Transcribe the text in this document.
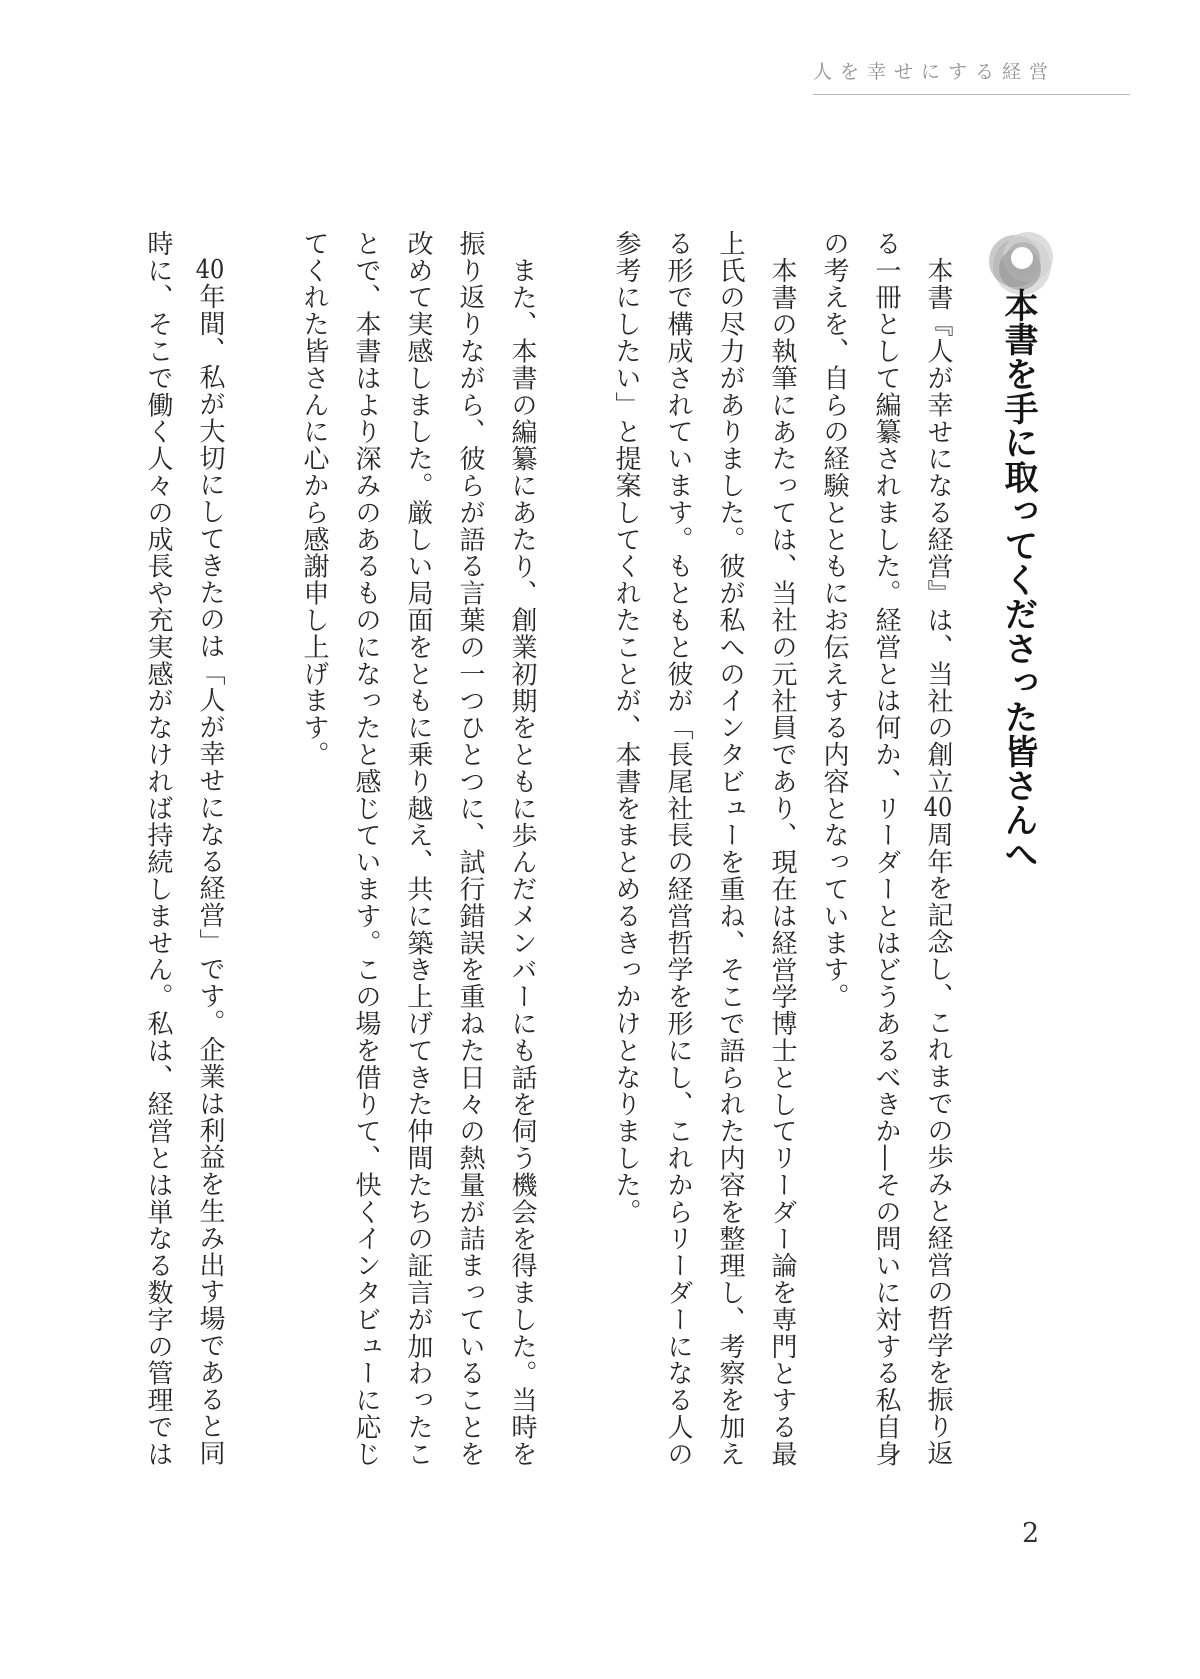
人を幸せにする経営
本書を手に取ってくださった皆さんへ
本書『人が幸せになる経営』は、当社の創立40周年を記念し、これまでの歩みと経営の哲学を振り返
る一冊として編纂されました。経営とは何か、リーダーとはどうあるべきか―その問いに対する私自身
の考えを、自らの経験とともにお伝えする内容となっています。
本書の執筆にあたっては、当社の元社員であり、現在は経営学博士としてリーダー論を専門とする最
上氏の尽力がありました。彼が私へのインタビューを重ね、そこで語られた内容を整理し、考察を加え
る形で構成されています。もともと彼が「長尾社長の経営哲学を形にし、これからリーダーになる人の
参考にしたい」と提案してくれたことが、本書をまとめるきっかけとなりました。
また、本書の編纂にあたり、創業初期をともに歩んだメンバーにも話を伺う機会を得ました。当時を
振り返りながら、彼らが語る言葉の一つひとつに、試行錯誤を重ねた日々の熱量が詰まっていることを
改めて実感しました。厳しい局面をともに乗り越え、共に築き上げてきた仲間たちの証言が加わったこ
とで、本書はより深みのあるものになったと感じています。この場を借りて、快くインタビューに応じ
てくれた皆さんに心から感謝申し上げます。
40年間、私が大切にしてきたのは「人が幸せになる経営」です。企業は利益を生み出す場であると同
時に、そこで働く人々の成長や充実感がなければ持続しません。私は、経営とは単なる数字の管理では
2
